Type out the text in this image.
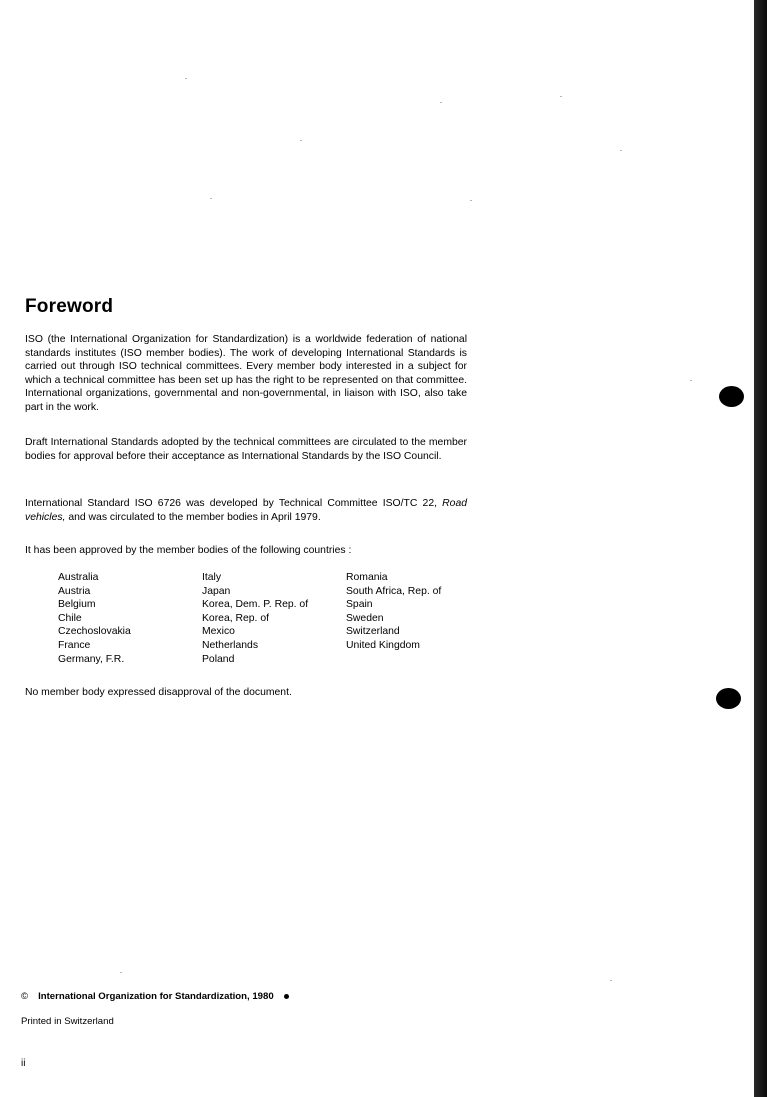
Foreword

ISO (the International Organization for Standardization) is a worldwide federation of national standards institutes (ISO member bodies). The work of developing International Standards is carried out through ISO technical committees. Every member body interested in a subject for which a technical committee has been set up has the right to be represented on that committee. International organizations, governmental and non-governmental, in liaison with ISO, also take part in the work.

Draft International Standards adopted by the technical committees are circulated to the member bodies for approval before their acceptance as International Standards by the ISO Council.

International Standard ISO 6726 was developed by Technical Committee ISO/TC 22, Road vehicles, and was circulated to the member bodies in April 1979.

It has been approved by the member bodies of the following countries :

Australia
Austria
Belgium
Chile
Czechoslovakia
France
Germany, F.R.
Italy
Japan
Korea, Dem. P. Rep. of
Korea, Rep. of
Mexico
Netherlands
Poland
Romania
South Africa, Rep. of
Spain
Sweden
Switzerland
United Kingdom

No member body expressed disapproval of the document.

© International Organization for Standardization, 1980
Printed in Switzerland
ii
